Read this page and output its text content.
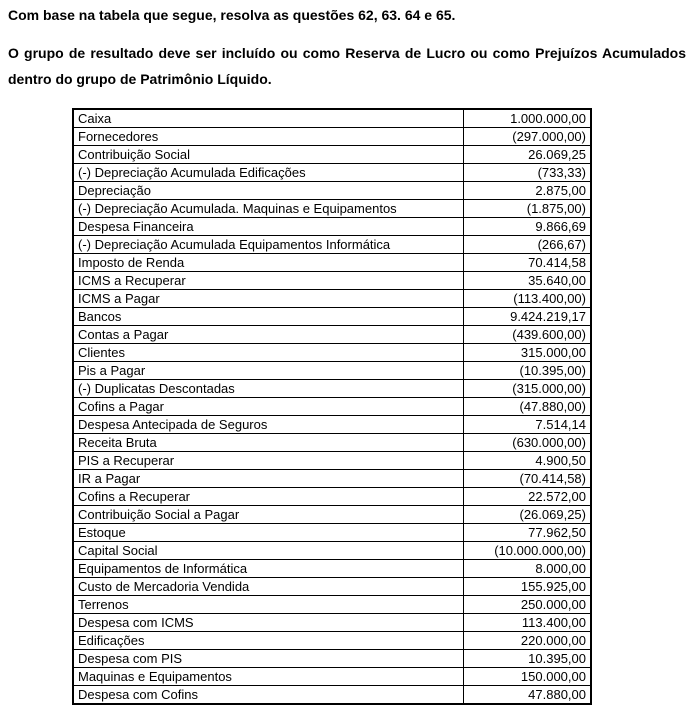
Com base na tabela que segue, resolva as questões 62, 63. 64 e 65.

O grupo de resultado deve ser incluído ou como Reserva de Lucro ou como Prejuízos Acumulados dentro do grupo de Patrimônio Líquido.

Caixa	1.000.000,00
Fornecedores	(297.000,00)
Contribuição Social	26.069,25
(-) Depreciação Acumulada Edificações	(733,33)
Depreciação	2.875,00
(-) Depreciação Acumulada. Maquinas e Equipamentos	(1.875,00)
Despesa Financeira	9.866,69
(-) Depreciação Acumulada Equipamentos Informática	(266,67)
Imposto de Renda	70.414,58
ICMS a Recuperar	35.640,00
ICMS a Pagar	(113.400,00)
Bancos	9.424.219,17
Contas a Pagar	(439.600,00)
Clientes	315.000,00
Pis a Pagar	(10.395,00)
(-) Duplicatas Descontadas	(315.000,00)
Cofins a Pagar	(47.880,00)
Despesa Antecipada de Seguros	7.514,14
Receita Bruta	(630.000,00)
PIS a Recuperar	4.900,50
IR a Pagar	(70.414,58)
Cofins a Recuperar	22.572,00
Contribuição Social a Pagar	(26.069,25)
Estoque	77.962,50
Capital Social	(10.000.000,00)
Equipamentos de Informática	8.000,00
Custo de Mercadoria Vendida	155.925,00
Terrenos	250.000,00
Despesa com ICMS	113.400,00
Edificações	220.000,00
Despesa com PIS	10.395,00
Maquinas e Equipamentos	150.000,00
Despesa com Cofins	47.880,00
